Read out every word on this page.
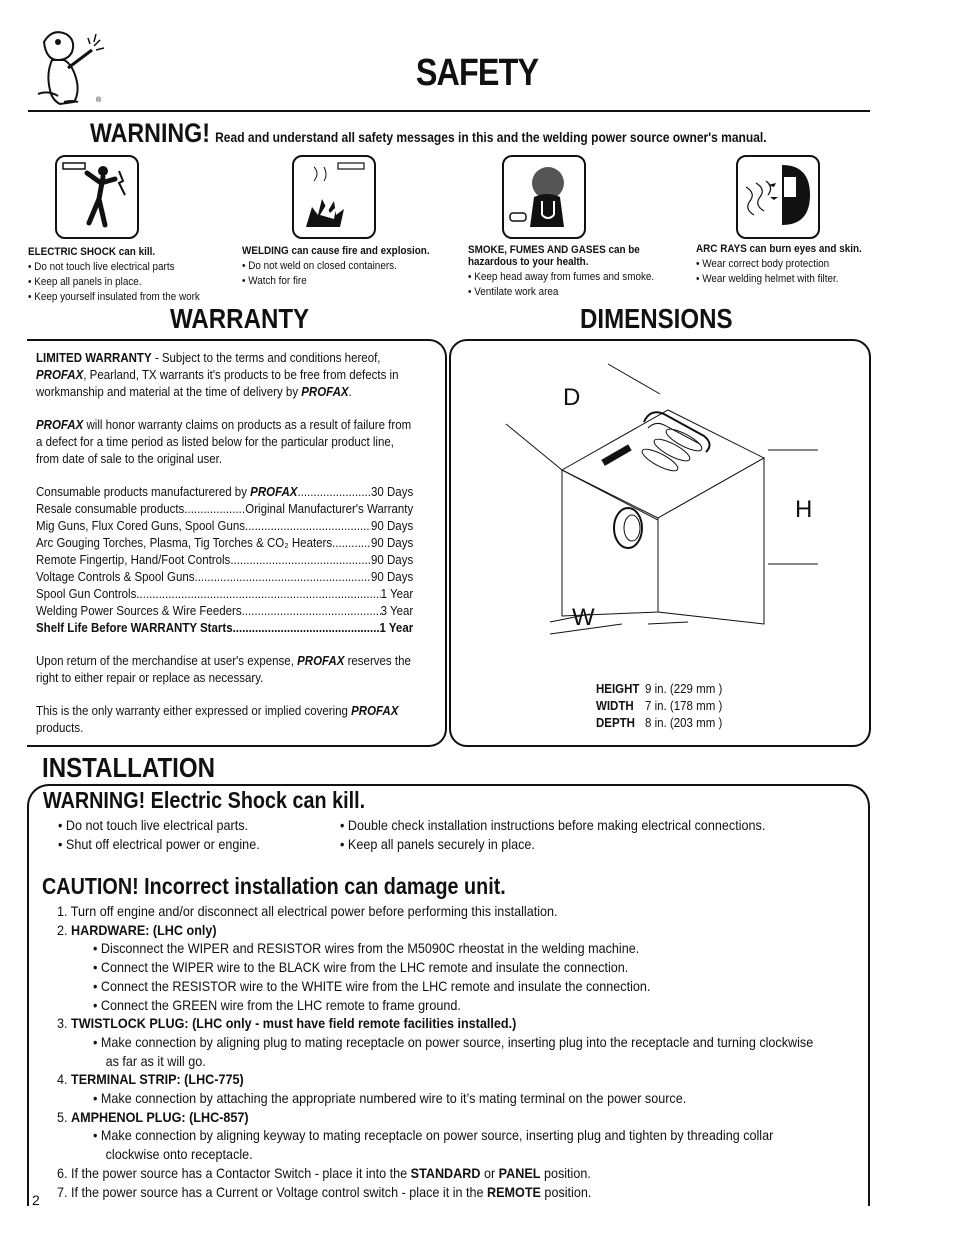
®
SAFETY
WARNING! Read and understand all safety messages in this and the welding power source owner's manual.
ELECTRIC SHOCK can kill.
• Do not touch live electrical parts
• Keep all panels in place.
• Keep yourself insulated from the work
WELDING can cause fire and explosion.
• Do not weld on closed containers.
• Watch for fire
SMOKE, FUMES AND GASES can be
hazardous to your health.
• Keep head away from fumes and smoke.
• Ventilate work area
ARC RAYS can burn eyes and skin.
• Wear correct body protection
• Wear welding helmet with filter.
WARRANTY

LIMITED WARRANTY - Subject to the terms and conditions hereof,
PROFAX, Pearland, TX warrants it's products to be free from defects in workmanship and material at the time of delivery by PROFAX.

PROFAX will honor warranty claims on products as a result of failure from a defect for a time period as listed below for the particular product line, from date of sale to the original user.

Consumable products manufacturered by PROFAX .....	30 Days
Resale consumable products .....	Original Manufacturer's Warranty
Mig Guns, Flux Cored Guns, Spool Guns .....	90 Days
Arc Gouging Torches, Plasma, Tig Torches & CO₂ Heaters .....	90 Days
Remote Fingertip, Hand/Foot Controls .....	90 Days
Voltage Controls & Spool Guns .....	90 Days
Spool Gun Controls .....	1 Year
Welding Power Sources & Wire Feeders .....	3 Year
Shelf Life Before WARRANTY Starts .....	1 Year

Upon return of the merchandise at user's expense, PROFAX reserves the right to either repair or replace as necessary.

This is the only warranty either expressed or implied covering PROFAX products.

DIMENSIONS
D
H
W
HEIGHT	9 in. (229 mm )
WIDTH	7 in. (178 mm )
DEPTH	8 in. (203 mm )
INSTALLATION
WARNING! Electric Shock can kill.
• Do not touch live electrical parts.
• Shut off electrical power or engine.
• Double check installation instructions before making electrical connections.
• Keep all panels securely in place.
CAUTION! Incorrect installation can damage unit.
1. Turn off engine and/or disconnect all electrical power before performing this installation.
2. HARDWARE: (LHC only)
• Disconnect the WIPER and RESISTOR wires from the M5090C rheostat in the welding machine.
• Connect the WIPER wire to the BLACK wire from the LHC remote and insulate the connection.
• Connect the RESISTOR wire to the WHITE wire from the LHC remote and insulate the connection.
• Connect the GREEN wire from the LHC remote to frame ground.
3. TWISTLOCK PLUG: (LHC only - must have field remote facilities installed.)
• Make connection by aligning plug to mating receptacle on power source, inserting plug into the receptacle and turning clockwise
as far as it will go.
4. TERMINAL STRIP: (LHC-775)
• Make connection by attaching the appropriate numbered wire to it’s mating terminal on the power source.
5. AMPHENOL PLUG: (LHC-857)
• Make connection by aligning keyway to mating receptacle on power source, inserting plug and tighten by threading collar
clockwise onto receptacle.
6. If the power source has a Contactor Switch - place it into the STANDARD or PANEL position.
7. If the power source has a Current or Voltage control switch - place it in the REMOTE position.
2
